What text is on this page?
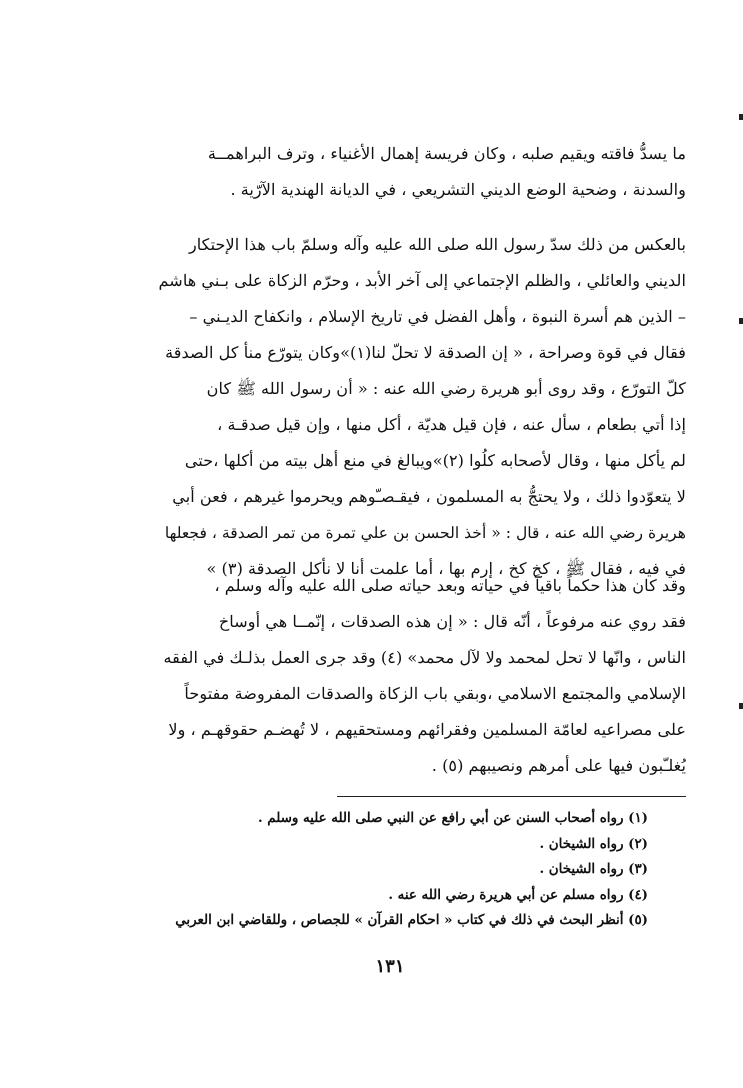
ما يسدُّ فاقته ويقيم صلبه ، وكان فريسة إهمال الأغنياء ، وترف البراهمــة
والسدنة ، وضحية الوضع الديني التشريعي ، في الديانة الهندية الآرّية .
بالعكس من ذلك سدّ رسول الله صلى الله عليه وآله وسلمّ باب هذا الإحتكار
الديني والعائلي ، والظلم الإجتماعي إلى آخر الأبد ، وحرّم الزكاة على بـني هاشم
– الذين هم أسرة النبوة ، وأهل الفضل في تاريخ الإسلام ، وانكفاح الديـني –
فقال في قوة وصراحة ، « إن الصدقة لا تحلّ لنا(١)»وكان يتورّع منأ كل الصدقة
كلّ التورّع ، وقد روى أبو هريرة رضي الله عنه : « أن رسول الله ﷺ كان
إذا أتي بطعام ، سأل عنه ، فإن قيل هديّة ، أكل منها ، وإن قيل صدقـة ،
لم يأكل منها ، وقال لأصحابه كلُوا (٢)»ويبالغ في منع أهل بيته من أكلها ،حتى
لا يتعوّدوا ذلك ، ولا يحتجُّ به المسلمون ، فيقـصـّوهم ويحرموا غيرهم ، فعن أبي
هريرة رضي الله عنه ، قال : « أخذ الحسن بن علي تمرة من تمر الصدقة ، فجعلها
في فيه ، فقال ﷺ ، كخ كخ ، إرم بها ، أما علمت أنا لا نأكل الصدقة (٣) »
وقد كان هذا حكماً باقياً في حياته وبعد حياته صلى الله عليه وآله وسلم ،
فقد روي عنه مرفوعاً ، أنّه قال : « إن هذه الصدقات ، إنّمــا هي أوساخ
الناس ، وانّها لا تحل لمحمد ولا لآل محمد» (٤) وقد جرى العمل بذلـك في الفقه
الإسلامي والمجتمع الاسلامي ،وبقي باب الزكاة والصدقات المفروضة مفتوحاً
على مصراعيه لعامّة المسلمين وفقرائهم ومستحقيهم ، لا تُهضـم حقوقهـم ، ولا
يُغلـّبون فيها على أمرهم ونصيبهم (٥) .
(١) رواه أصحاب السنن عن أبي رافع عن النبي صلى الله عليه وسلم .
(٢) رواه الشيخان .
(٣) رواه الشيخان .
(٤) رواه مسلم عن أبي هريرة رضي الله عنه .
(٥) أنظر البحث في ذلك في كتاب « احكام القرآن » للجصاص ، وللقاضي ابن العربي
١٣١
